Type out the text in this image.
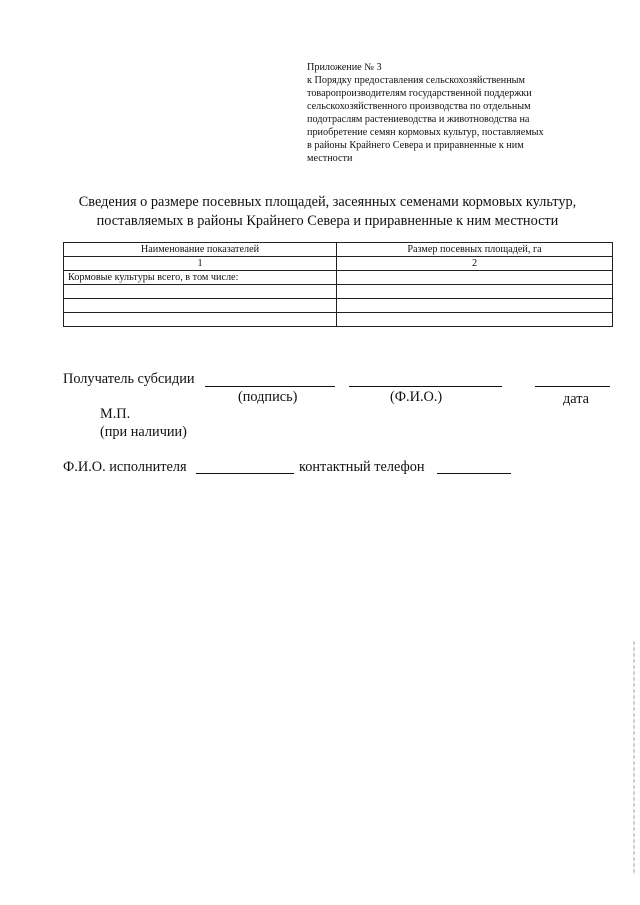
Приложение № 3
к Порядку предоставления сельскохозяйственным
товаропроизводителям государственной поддержки
сельскохозяйственного производства по отдельным
подотраслям растениеводства и животноводства на
приобретение семян кормовых культур, поставляемых
в районы Крайнего Севера и приравненные к ним
местности
Сведения о размере посевных площадей, засеянных семенами кормовых культур,
поставляемых в районы Крайнего Севера и приравненные к ним местности
Наименование показателей	Размер посевных площадей, га
1	2
Кормовые культуры всего, в том числе:	

Получатель субсидии
(подпись)	(Ф.И.О.)	дата
М.П.
(при наличии)
Ф.И.О. исполнителя	контактный телефон
